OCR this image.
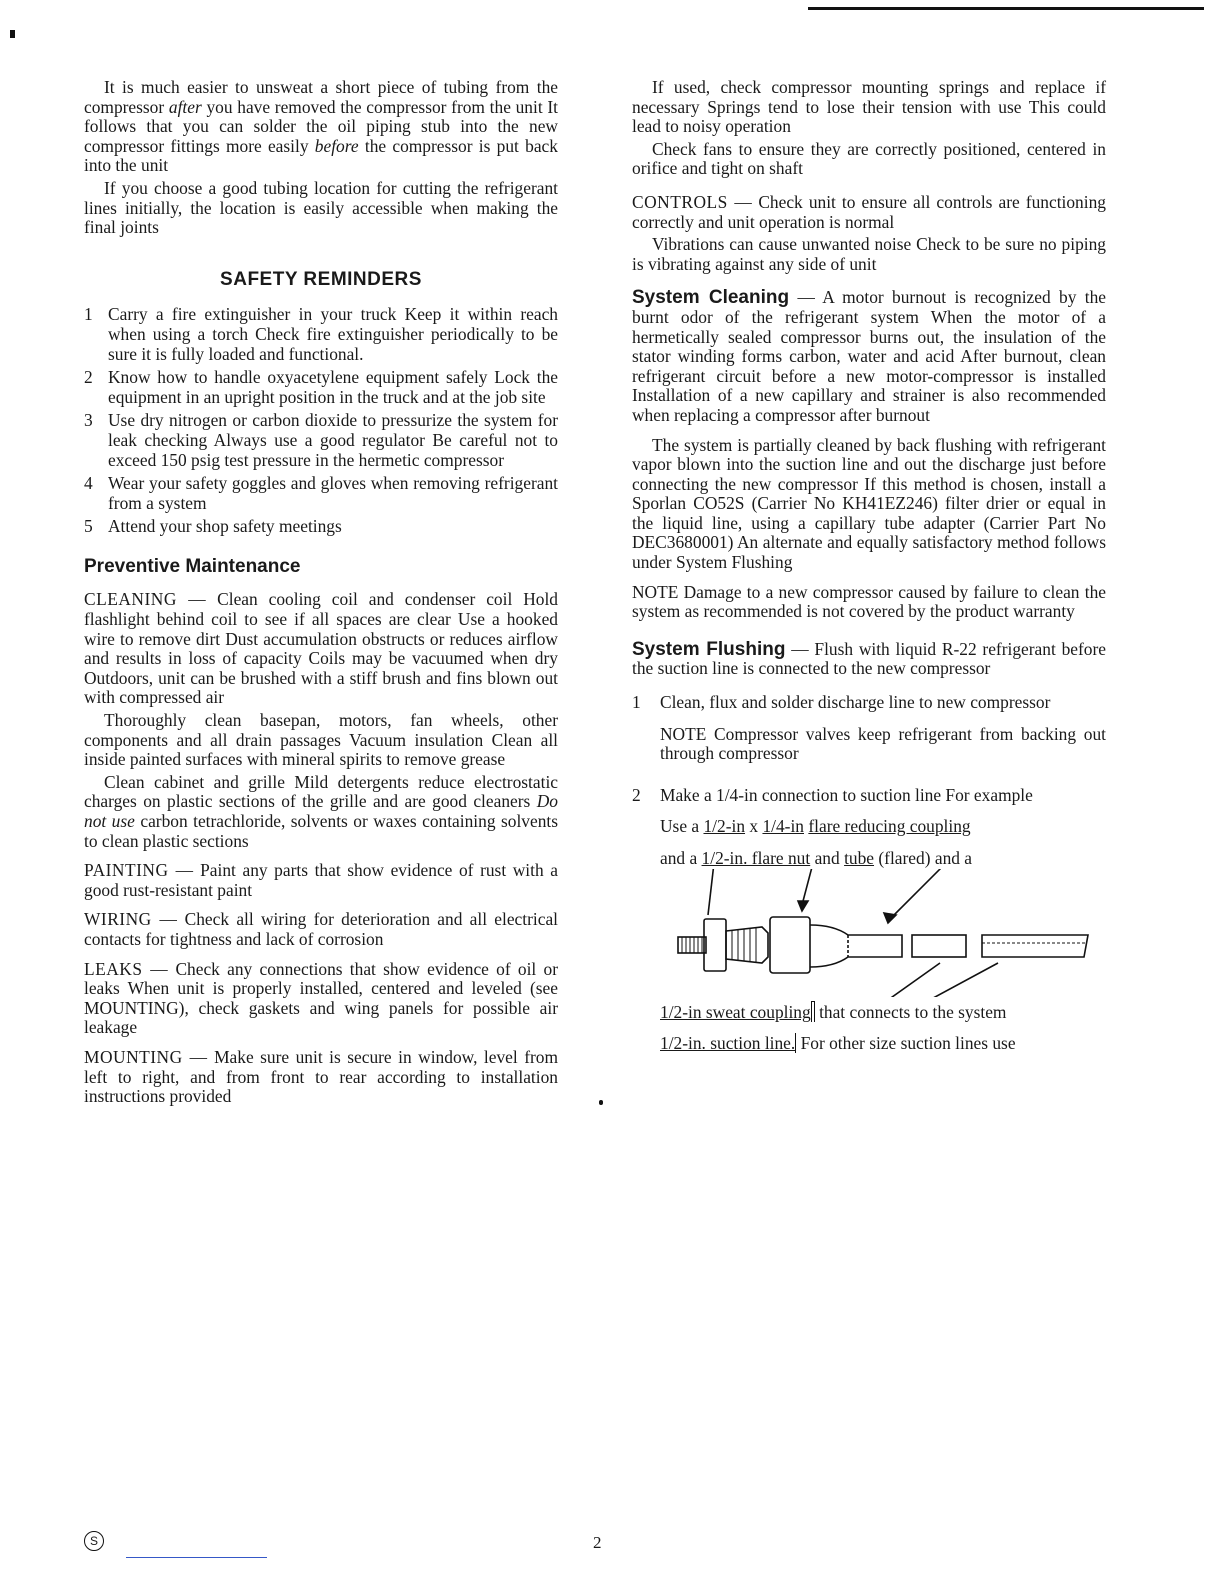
It is much easier to unsweat a short piece of tubing from the compressor after you have removed the compressor from the unit It follows that you can solder the oil piping stub into the new compressor fittings more easily before the compressor is put back into the unit

If you choose a good tubing location for cutting the refrigerant lines initially, the location is easily accessible when making the final joints

SAFETY REMINDERS
1 Carry a fire extinguisher in your truck Keep it within reach when using a torch Check fire extinguisher periodically to be sure it is fully loaded and functional.
2 Know how to handle oxyacetylene equipment safely Lock the equipment in an upright position in the truck and at the job site
3 Use dry nitrogen or carbon dioxide to pressurize the system for leak checking Always use a good regulator Be careful not to exceed 150 psig test pressure in the hermetic compressor
4 Wear your safety goggles and gloves when removing refrigerant from a system
5 Attend your shop safety meetings
Preventive Maintenance

CLEANING — Clean cooling coil and condenser coil Hold flashlight behind coil to see if all spaces are clear Use a hooked wire to remove dirt Dust accumulation obstructs or reduces airflow and results in loss of capacity Coils may be vacuumed when dry Outdoors, unit can be brushed with a stiff brush and fins blown out with compressed air

Thoroughly clean basepan, motors, fan wheels, other components and all drain passages Vacuum insulation Clean all inside painted surfaces with mineral spirits to remove grease

Clean cabinet and grille Mild detergents reduce electrostatic charges on plastic sections of the grille and are good cleaners Do not use carbon tetrachloride, solvents or waxes containing solvents to clean plastic sections

PAINTING — Paint any parts that show evidence of rust with a good rust-resistant paint

WIRING — Check all wiring for deterioration and all electrical contacts for tightness and lack of corrosion

LEAKS — Check any connections that show evidence of oil or leaks When unit is properly installed, centered and leveled (see MOUNTING), check gaskets and wing panels for possible air leakage

MOUNTING — Make sure unit is secure in window, level from left to right, and from front to rear according to installation instructions provided

If used, check compressor mounting springs and replace if necessary Springs tend to lose their tension with use This could lead to noisy operation

Check fans to ensure they are correctly positioned, centered in orifice and tight on shaft

CONTROLS — Check unit to ensure all controls are functioning correctly and unit operation is normal

Vibrations can cause unwanted noise Check to be sure no piping is vibrating against any side of unit

System Cleaning — A motor burnout is recognized by the burnt odor of the refrigerant system When the motor of a hermetically sealed compressor burns out, the insulation of the stator winding forms carbon, water and acid After burnout, clean refrigerant circuit before a new motor-compressor is installed Installation of a new capillary and strainer is also recommended when replacing a compressor after burnout

The system is partially cleaned by back flushing with refrigerant vapor blown into the suction line and out the discharge just before connecting the new compressor If this method is chosen, install a Sporlan CO52S (Carrier No KH41EZ246) filter drier or equal in the liquid line, using a capillary tube adapter (Carrier Part No DEC3680001) An alternate and equally satisfactory method follows under System Flushing

NOTE Damage to a new compressor caused by failure to clean the system as recommended is not covered by the product warranty

System Flushing — Flush with liquid R-22 refrigerant before the suction line is connected to the new compressor

1 Clean, flux and solder discharge line to new compressor

NOTE Compressor valves keep refrigerant from backing out through compressor

2 Make a 1/4-in connection to suction line For example

Use a 1/2-in x 1/4-in flare reducing coupling

and a 1/2-in. flare nut and tube (flared) and a

1/2-in sweat coupling that connects to the system

1/2-in. suction line. For other size suction lines use

S	2
